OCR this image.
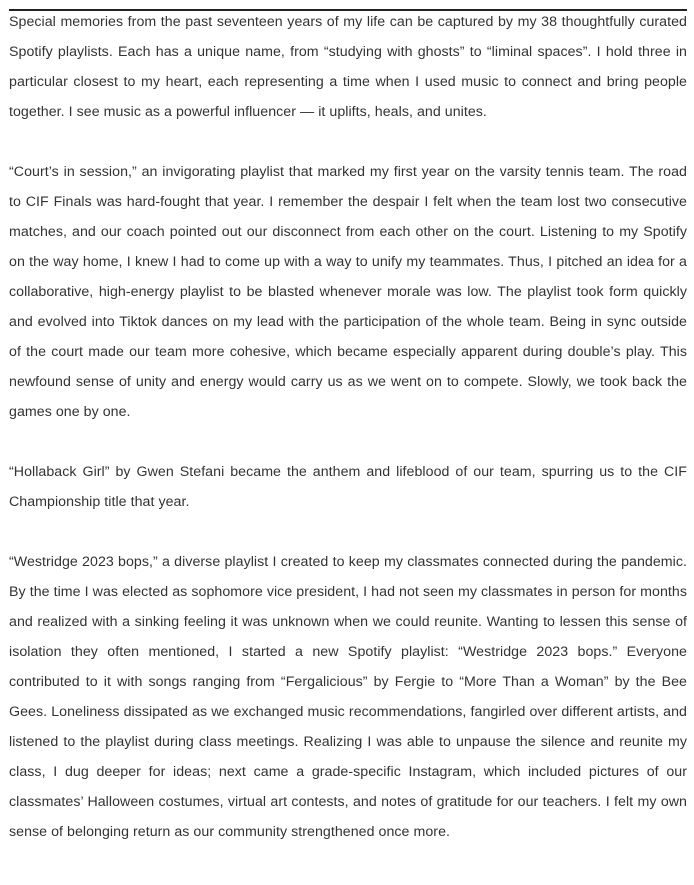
Special memories from the past seventeen years of my life can be captured by my 38 thoughtfully curated Spotify playlists. Each has a unique name, from “studying with ghosts” to “liminal spaces”. I hold three in particular closest to my heart, each representing a time when I used music to connect and bring people together. I see music as a powerful influencer — it uplifts, heals, and unites.

“Court’s in session,” an invigorating playlist that marked my first year on the varsity tennis team. The road to CIF Finals was hard-fought that year. I remember the despair I felt when the team lost two consecutive matches, and our coach pointed out our disconnect from each other on the court. Listening to my Spotify on the way home, I knew I had to come up with a way to unify my teammates. Thus, I pitched an idea for a collaborative, high-energy playlist to be blasted whenever morale was low. The playlist took form quickly and evolved into Tiktok dances on my lead with the participation of the whole team. Being in sync outside of the court made our team more cohesive, which became especially apparent during double’s play. This newfound sense of unity and energy would carry us as we went on to compete. Slowly, we took back the games one by one.

“Hollaback Girl” by Gwen Stefani became the anthem and lifeblood of our team, spurring us to the CIF Championship title that year.

“Westridge 2023 bops,” a diverse playlist I created to keep my classmates connected during the pandemic. By the time I was elected as sophomore vice president, I had not seen my classmates in person for months and realized with a sinking feeling it was unknown when we could reunite. Wanting to lessen this sense of isolation they often mentioned, I started a new Spotify playlist: “Westridge 2023 bops.” Everyone contributed to it with songs ranging from “Fergalicious” by Fergie to “More Than a Woman” by the Bee Gees. Loneliness dissipated as we exchanged music recommendations, fangirled over different artists, and listened to the playlist during class meetings. Realizing I was able to unpause the silence and reunite my class, I dug deeper for ideas; next came a grade-specific Instagram, which included pictures of our classmates’ Halloween costumes, virtual art contests, and notes of gratitude for our teachers. I felt my own sense of belonging return as our community strengthened once more.
